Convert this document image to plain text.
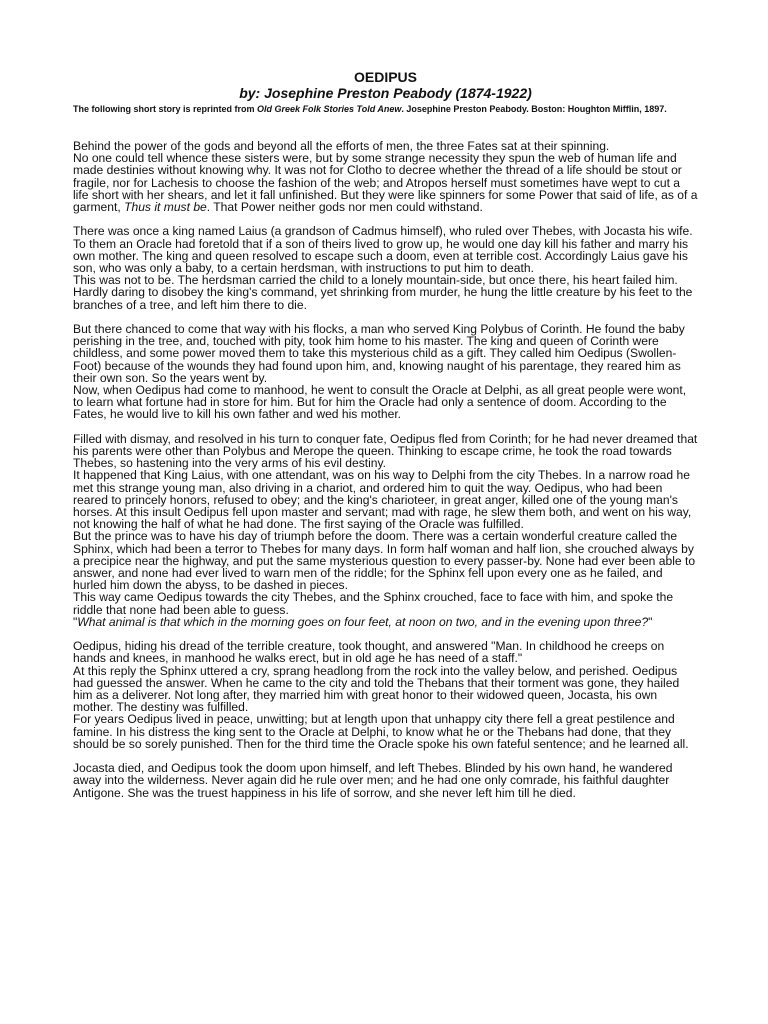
OEDIPUS

by: Josephine Preston Peabody (1874-1922)

The following short story is reprinted from Old Greek Folk Stories Told Anew. Josephine Preston Peabody. Boston: Houghton Mifflin, 1897.

Behind the power of the gods and beyond all the efforts of men, the three Fates sat at their spinning.
No one could tell whence these sisters were, but by some strange necessity they spun the web of human life and made destinies without knowing why. It was not for Clotho to decree whether the thread of a life should be stout or fragile, nor for Lachesis to choose the fashion of the web; and Atropos herself must sometimes have wept to cut a life short with her shears, and let it fall unfinished. But they were like spinners for some Power that said of life, as of a garment, Thus it must be. That Power neither gods nor men could withstand.
There was once a king named Laius (a grandson of Cadmus himself), who ruled over Thebes, with Jocasta his wife. To them an Oracle had foretold that if a son of theirs lived to grow up, he would one day kill his father and marry his own mother. The king and queen resolved to escape such a doom, even at terrible cost. Accordingly Laius gave his son, who was only a baby, to a certain herdsman, with instructions to put him to death.
This was not to be. The herdsman carried the child to a lonely mountain-side, but once there, his heart failed him. Hardly daring to disobey the king's command, yet shrinking from murder, he hung the little creature by his feet to the branches of a tree, and left him there to die.
But there chanced to come that way with his flocks, a man who served King Polybus of Corinth. He found the baby perishing in the tree, and, touched with pity, took him home to his master. The king and queen of Corinth were childless, and some power moved them to take this mysterious child as a gift. They called him Oedipus (Swollen-Foot) because of the wounds they had found upon him, and, knowing naught of his parentage, they reared him as their own son. So the years went by.
Now, when Oedipus had come to manhood, he went to consult the Oracle at Delphi, as all great people were wont, to learn what fortune had in store for him. But for him the Oracle had only a sentence of doom. According to the Fates, he would live to kill his own father and wed his mother.
Filled with dismay, and resolved in his turn to conquer fate, Oedipus fled from Corinth; for he had never dreamed that his parents were other than Polybus and Merope the queen. Thinking to escape crime, he took the road towards Thebes, so hastening into the very arms of his evil destiny.
It happened that King Laius, with one attendant, was on his way to Delphi from the city Thebes. In a narrow road he met this strange young man, also driving in a chariot, and ordered him to quit the way. Oedipus, who had been reared to princely honors, refused to obey; and the king's charioteer, in great anger, killed one of the young man's horses. At this insult Oedipus fell upon master and servant; mad with rage, he slew them both, and went on his way, not knowing the half of what he had done. The first saying of the Oracle was fulfilled.
But the prince was to have his day of triumph before the doom. There was a certain wonderful creature called the Sphinx, which had been a terror to Thebes for many days. In form half woman and half lion, she crouched always by a precipice near the highway, and put the same mysterious question to every passer-by. None had ever been able to answer, and none had ever lived to warn men of the riddle; for the Sphinx fell upon every one as he failed, and hurled him down the abyss, to be dashed in pieces.
This way came Oedipus towards the city Thebes, and the Sphinx crouched, face to face with him, and spoke the riddle that none had been able to guess.
"What animal is that which in the morning goes on four feet, at noon on two, and in the evening upon three?"
Oedipus, hiding his dread of the terrible creature, took thought, and answered "Man. In childhood he creeps on hands and knees, in manhood he walks erect, but in old age he has need of a staff."
At this reply the Sphinx uttered a cry, sprang headlong from the rock into the valley below, and perished. Oedipus had guessed the answer. When he came to the city and told the Thebans that their torment was gone, they hailed him as a deliverer. Not long after, they married him with great honor to their widowed queen, Jocasta, his own mother. The destiny was fulfilled.
For years Oedipus lived in peace, unwitting; but at length upon that unhappy city there fell a great pestilence and famine. In his distress the king sent to the Oracle at Delphi, to know what he or the Thebans had done, that they should be so sorely punished. Then for the third time the Oracle spoke his own fateful sentence; and he learned all.
Jocasta died, and Oedipus took the doom upon himself, and left Thebes. Blinded by his own hand, he wandered away into the wilderness. Never again did he rule over men; and he had one only comrade, his faithful daughter Antigone. She was the truest happiness in his life of sorrow, and she never left him till he died.
